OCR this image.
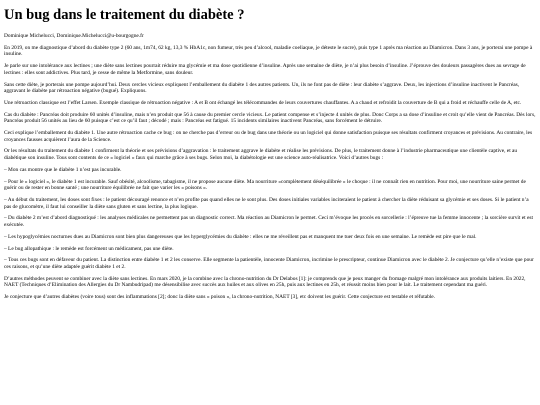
Un bug dans le traitement du diabète ?

Dominique Michelucci, Dominique.Michelucci@u-bourgogne.fr

En 2019, on me diagnostique d’abord du diabète type 2 (60 ans, 1m74, 62 kg, 13,3 % HbA1c, non fumeur, très peu d’alcool, maladie coeliaque, je déteste le sucre), puis type 1 après ma réaction au Diamicron. Dans 3 ans, je porterai une pompe à insuline.

Je parle sur une intolérance aux lectines ; une diète sans lectines pourrait réduire ma glycémie et ma dose quotidienne d’insuline. Après une semaine de diète, je n’ai plus besoin d’insuline. J’éprouve des douleurs passagères dues au sevrage de lectines : elles sont addictives. Plus tard, je cesse de même la Metformine, sans douleur.

Sans cette diète, je porterais une pompe aujourd’hui. Deux cercles vicieux expliquent l’emballement du diabète 1 des autres patients. Un, ils ne font pas de diète : leur diabète s’aggrave. Deux, les injections d’insuline inactivent le Pancréas, aggravant le diabète par rétroaction négative (bugué). Expliquons.

Une rétroaction classique est l’effet Larsen. Exemple classique de rétroaction négative : A et B ont échangé les télécommandes de leurs couvertures chauffantes. A a chaud et refroidit la couverture de B qui a froid et réchauffe celle de A, etc.

Cas du diabète : Pancréas doit produire 60 unités d’insuline, mais n’en produit que 56 à cause du premier cercle vicieux. Le patient compense et s’injecte 4 unités de plus. Donc Corps a sa dose d’insuline et croit qu’elle vient de Pancréas. Dès lors, Pancréas produit 56 unités au lieu de 60 puisque c’est ce qu’il faut ; décodé ; mais : Pancréas est fatigué. 15 incidents similaires inactivent Pancréas, sans forcément le détruire.

Ceci explique l’emballement du diabète 1. Une autre rétroaction cache ce bug : on ne cherche pas d’erreur ou de bug dans une théorie ou un logiciel qui donne satisfaction puisque ses résultats confirment croyances et prévisions. Au contraire, les croyances fausses acquièrent l’aura de la Science.

Or les résultats du traitement du diabète 1 confirment la théorie et ses prévisions d’aggravation : le traitement aggrave le diabète et réalise les prévisions. De plus, le traitement donne à l’industrie pharmaceutique une clientèle captive, et au diabétique son insuline. Tous sont contents de ce « logiciel » faux qui marche grâce à ses bugs. Selon moi, la diabétologie est une science auto-réalisatrice. Voici d’autres bugs :

– Mon cas montre que le diabète 1 n’est pas incurable.

– Pour le « logiciel », le diabète 1 est incurable. Sauf obésité, alcoolisme, tabagisme, il ne propose aucune diète. Ma nourriture «complètement déséquilibrée » le choque : il ne connaît rien en nutrition. Pour moi, une nourriture saine permet de guérir ou de rester en bonne santé ; une nourriture équilibrée ne fait que varier les « poisons ».

– Au début du traitement, les doses sont fixes : le patient découragé renonce et n’en profite pas quand elles ne le sont plus. Des doses initiales variables inciteraient le patient à chercher la diète réduisant sa glycémie et ses doses. Si le patient n’a pas de glucomètre, il faut lui conseiller la diète sans gluten et sans lectine, la plus logique.

– Du diabète 2 m’est d’abord diagnostiqué : les analyses médicales ne permettent pas un diagnostic correct. Ma réaction au Diamicron le permet. Ceci m’évoque les procès en sorcellerie : l’épreuve tue la femme innocente ; la sorcière survit et est exécutée.

– Les hypoglycémies nocturnes dues au Diamicron sont bien plus dangereuses que les hyperglycémies du diabète : elles ne me réveillent pas et manquent me tuer deux fois en une semaine. Le remède est pire que le mal.

– Le bug allopathique : le remède est forcément un médicament, pas une diète.

– Tous ces bugs sont en défaveur du patient. La distinction entre diabète 1 et 2 les conserve. Elle segmente la patientèle, innocente Diamicron, incrimine le prescripteur, continue Diamicron avec le diabète 2. Je conjecture qu’elle n’existe que pour ces raisons, et qu’une diète adaptée guérit diabète 1 et 2.

D’autres méthodes peuvent se combiner avec la diète sans lectines. En mars 2020, je la combine avec la chrono-nutrition du Dr Delabos [1]: je comprends que je peux manger du fromage malgré mon intolérance aux produits laitiers. En 2022, NAET (Techniques d’Elimination des Allergies du Dr Nambudripad) me désensibilise avec succès aux huiles et aux olives en 25h, puis aux lectines en 25h, et réussit moins bien pour le lait. Le traitement cependant ma guéri.

Je conjecture que d’autres diabètes (voire tous) sont des inflammations [2]; donc la diète sans « poison », la chrono-nutrition, NAET [3], etc doivent les guérir. Cette conjecture est testable et réfutable.
